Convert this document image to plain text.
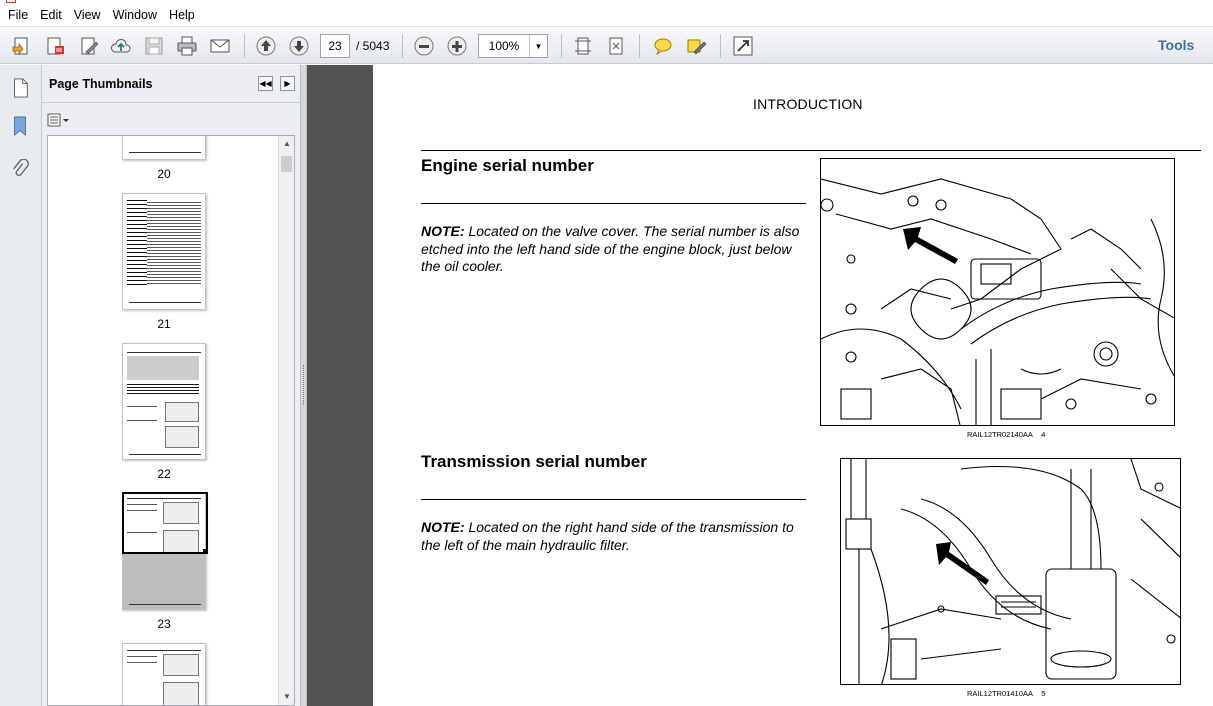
File Edit View Window Help
23	/ 5043	100%	▼	Tools
Page Thumbnails	◀◀	▶
20
21
22
23
▲
▼
INTRODUCTION
Engine serial number
NOTE: Located on the valve cover. The serial number is also etched into the left hand side of the engine block, just below the oil cooler.
RAIL12TR02140AA 4
Transmission serial number
NOTE: Located on the right hand side of the transmission to the left of the main hydraulic filter.
RAIL12TR01410AA 5
